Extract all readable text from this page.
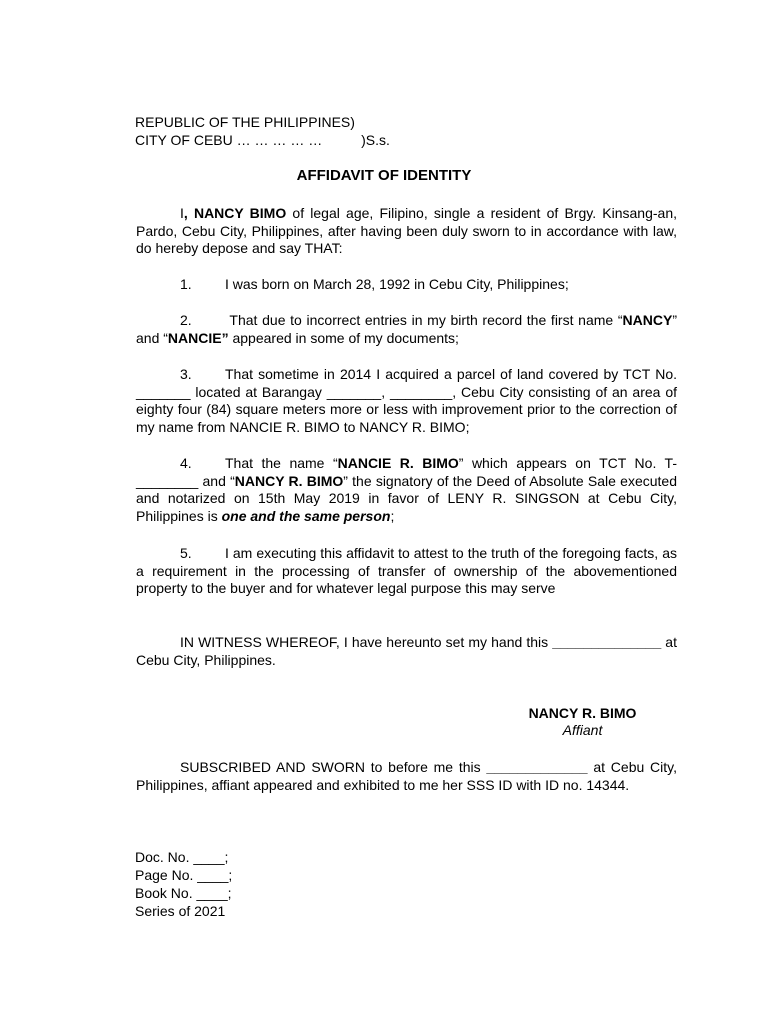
REPUBLIC OF THE PHILIPPINES)
CITY OF CEBU … … … … …          )S.s.
AFFIDAVIT OF IDENTITY

I, NANCY BIMO of legal age, Filipino, single a resident of Brgy. Kinsang-an, Pardo, Cebu City, Philippines, after having been duly sworn to in accordance with law, do hereby depose and say THAT:

1. I was born on March 28, 1992 in Cebu City, Philippines;

2. That due to incorrect entries in my birth record the first name “NANCY” and “NANCIE” appeared in some of my documents;

3. That sometime in 2014 I acquired a parcel of land covered by TCT No. _______ located at Barangay _______, ________, Cebu City consisting of an area of eighty four (84) square meters more or less with improvement prior to the correction of my name from NANCIE R. BIMO to NANCY R. BIMO;

4. That the name “NANCIE R. BIMO” which appears on TCT No. T-________ and “NANCY R. BIMO” the signatory of the Deed of Absolute Sale executed and notarized on 15th May 2019 in favor of LENY R. SINGSON at Cebu City, Philippines is one and the same person;

5. I am executing this affidavit to attest to the truth of the foregoing facts, as a requirement in the processing of transfer of ownership of the abovementioned property to the buyer and for whatever legal purpose this may serve

IN WITNESS WHEREOF, I have hereunto set my hand this ______________ at Cebu City, Philippines.

NANCY R. BIMO
Affiant

SUBSCRIBED AND SWORN to before me this _____________ at Cebu City, Philippines, affiant appeared and exhibited to me her SSS ID with ID no. 14344.

Doc. No. ____;
Page No. ____;
Book No. ____;
Series of 2021
